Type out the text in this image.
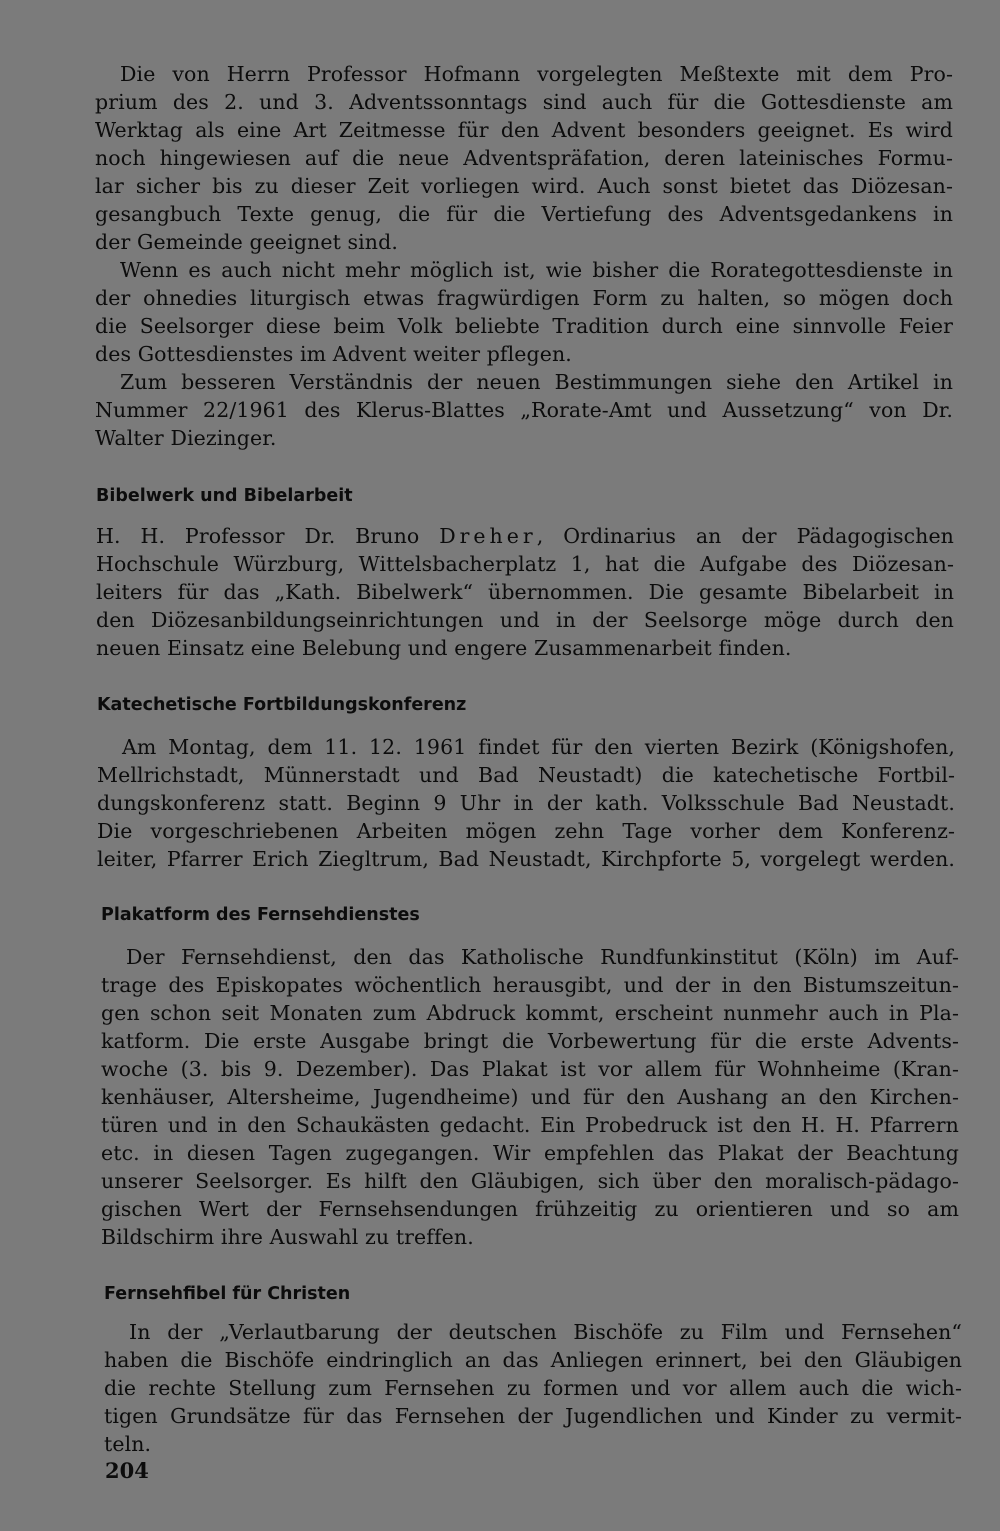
Die von Herrn Professor Hofmann vorgelegten Meßtexte mit dem Pro-
prium des 2. und 3. Adventssonntags sind auch für die Gottesdienste am
Werktag als eine Art Zeitmesse für den Advent besonders geeignet. Es wird
noch hingewiesen auf die neue Adventspräfation, deren lateinisches Formu-
lar sicher bis zu dieser Zeit vorliegen wird. Auch sonst bietet das Diözesan-
gesangbuch Texte genug, die für die Vertiefung des Adventsgedankens in
der Gemeinde geeignet sind.
Wenn es auch nicht mehr möglich ist, wie bisher die Rorategottesdienste in
der ohnedies liturgisch etwas fragwürdigen Form zu halten, so mögen doch
die Seelsorger diese beim Volk beliebte Tradition durch eine sinnvolle Feier
des Gottesdienstes im Advent weiter pflegen.
Zum besseren Verständnis der neuen Bestimmungen siehe den Artikel in
Nummer 22/1961 des Klerus-Blattes „Rorate-Amt und Aussetzung“ von Dr.
Walter Diezinger.
Bibelwerk und Bibelarbeit
H. H. Professor Dr. Bruno Dreher, Ordinarius an der Pädagogischen
Hochschule Würzburg, Wittelsbacherplatz 1, hat die Aufgabe des Diözesan-
leiters für das „Kath. Bibelwerk“ übernommen. Die gesamte Bibelarbeit in
den Diözesanbildungseinrichtungen und in der Seelsorge möge durch den
neuen Einsatz eine Belebung und engere Zusammenarbeit finden.
Katechetische Fortbildungskonferenz
Am Montag, dem 11. 12. 1961 findet für den vierten Bezirk (Königshofen,
Mellrichstadt, Münnerstadt und Bad Neustadt) die katechetische Fortbil-
dungskonferenz statt. Beginn 9 Uhr in der kath. Volksschule Bad Neustadt.
Die vorgeschriebenen Arbeiten mögen zehn Tage vorher dem Konferenz-
leiter, Pfarrer Erich Ziegltrum, Bad Neustadt, Kirchpforte 5, vorgelegt werden.
Plakatform des Fernsehdienstes
Der Fernsehdienst, den das Katholische Rundfunkinstitut (Köln) im Auf-
trage des Episkopates wöchentlich herausgibt, und der in den Bistumszeitun-
gen schon seit Monaten zum Abdruck kommt, erscheint nunmehr auch in Pla-
katform. Die erste Ausgabe bringt die Vorbewertung für die erste Advents-
woche (3. bis 9. Dezember). Das Plakat ist vor allem für Wohnheime (Kran-
kenhäuser, Altersheime, Jugendheime) und für den Aushang an den Kirchen-
türen und in den Schaukästen gedacht. Ein Probedruck ist den H. H. Pfarrern
etc. in diesen Tagen zugegangen. Wir empfehlen das Plakat der Beachtung
unserer Seelsorger. Es hilft den Gläubigen, sich über den moralisch-pädago-
gischen Wert der Fernsehsendungen frühzeitig zu orientieren und so am
Bildschirm ihre Auswahl zu treffen.
Fernsehfibel für Christen
In der „Verlautbarung der deutschen Bischöfe zu Film und Fernsehen“
haben die Bischöfe eindringlich an das Anliegen erinnert, bei den Gläubigen
die rechte Stellung zum Fernsehen zu formen und vor allem auch die wich-
tigen Grundsätze für das Fernsehen der Jugendlichen und Kinder zu vermit-
teln.
204
